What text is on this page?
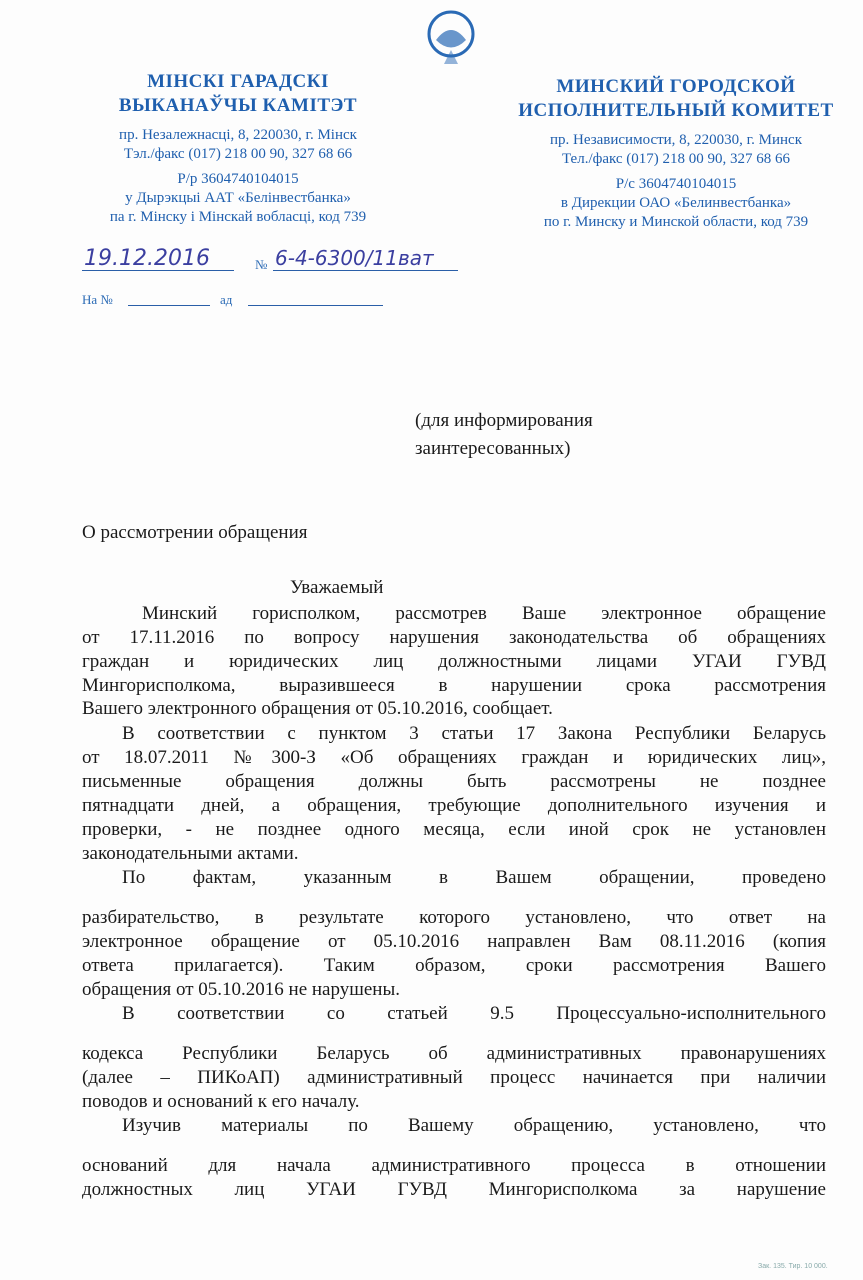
МІНСКІ ГАРАДСКІ
ВЫКАНАЎЧЫ КАМІТЭТ
пр. Незалежнасці, 8, 220030, г. Мінск
Тэл./факс (017) 218 00 90, 327 68 66
Р/р 3604740104015
у Дырэкцыі ААТ «Белінвестбанка»
па г. Мінску і Мінскай вобласці, код 739
МИНСКИЙ ГОРОДСКОЙ
ИСПОЛНИТЕЛЬНЫЙ КОМИТЕТ
пр. Независимости, 8, 220030, г. Минск
Тел./факс (017) 218 00 90, 327 68 66
Р/с 3604740104015
в Дирекции ОАО «Белинвестбанка»
по г. Минску и Минской области, код 739
19.12.2016	№ 6-4-6300/11ват
На №	ад
(для информирования
заинтересованных)
О рассмотрении обращения
Уважаемый
Минский горисполком, рассмотрев Ваше электронное обращение
от 17.11.2016 по вопросу нарушения законодательства об обращениях
граждан и юридических лиц должностными лицами УГАИ ГУВД
Мингорисполкома, выразившееся в нарушении срока рассмотрения
Вашего электронного обращения от 05.10.2016, сообщает.
В соответствии с пунктом 3 статьи 17 Закона Республики Беларусь
от 18.07.2011 №300-З «Об обращениях граждан и юридических лиц»,
письменные обращения должны быть рассмотрены не позднее
пятнадцати дней, а обращения, требующие дополнительного изучения и
проверки, - не позднее одного месяца, если иной срок не установлен
законодательными актами.
По фактам, указанным в Вашем обращении, проведено
разбирательство, в результате которого установлено, что ответ на
электронное обращение от 05.10.2016 направлен Вам 08.11.2016 (копия
ответа прилагается). Таким образом, сроки рассмотрения Вашего
обращения от 05.10.2016 не нарушены.
В соответствии со статьей 9.5 Процессуально-исполнительного
кодекса Республики Беларусь об административных правонарушениях
(далее – ПИКоАП) административный процесс начинается при наличии
поводов и оснований к его началу.
Изучив материалы по Вашему обращению, установлено, что
оснований для начала административного процесса в отношении
должностных лиц УГАИ ГУВД Мингорисполкома за нарушение
Зак. 135. Тир. 10 000.
